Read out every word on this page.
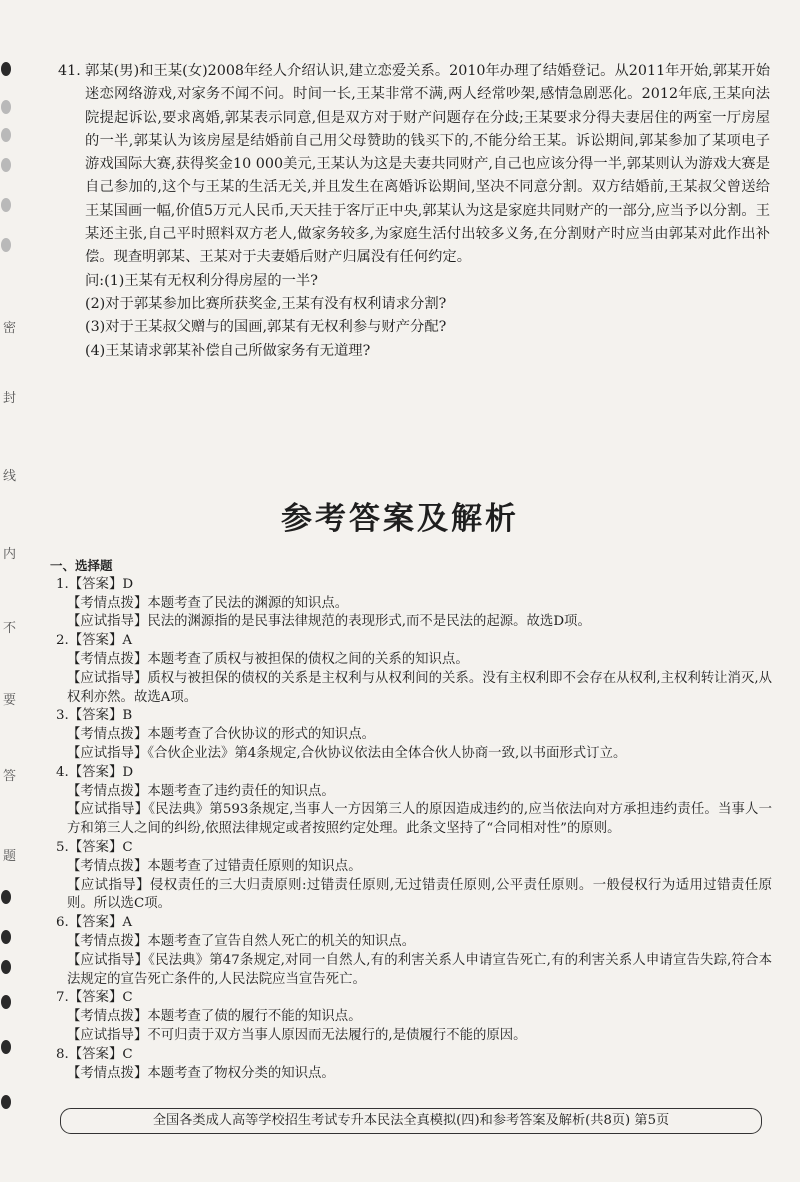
密
封
线
内
不
要
答
题
41. 郭某(男)和王某(女)2008年经人介绍认识,建立恋爱关系。2010年办理了结婚登记。从2011年开始,郭某开始迷恋网络游戏,对家务不闻不问。时间一长,王某非常不满,两人经常吵架,感情急剧恶化。2012年底,王某向法院提起诉讼,要求离婚,郭某表示同意,但是双方对于财产问题存在分歧;王某要求分得夫妻居住的两室一厅房屋的一半,郭某认为该房屋是结婚前自己用父母赞助的钱买下的,不能分给王某。诉讼期间,郭某参加了某项电子游戏国际大赛,获得奖金10 000美元,王某认为这是夫妻共同财产,自己也应该分得一半,郭某则认为游戏大赛是自己参加的,这个与王某的生活无关,并且发生在离婚诉讼期间,坚决不同意分割。双方结婚前,王某叔父曾送给王某国画一幅,价值5万元人民币,天天挂于客厅正中央,郭某认为这是家庭共同财产的一部分,应当予以分割。王某还主张,自己平时照料双方老人,做家务较多,为家庭生活付出较多义务,在分割财产时应当由郭某对此作出补偿。现查明郭某、王某对于夫妻婚后财产归属没有任何约定。
问:(1)王某有无权利分得房屋的一半?
(2)对于郭某参加比赛所获奖金,王某有没有权利请求分割?
(3)对于王某叔父赠与的国画,郭某有无权利参与财产分配?
(4)王某请求郭某补偿自己所做家务有无道理?
参考答案及解析
一、选择题
1.【答案】D
【考情点拨】本题考查了民法的渊源的知识点。
【应试指导】民法的渊源指的是民事法律规范的表现形式,而不是民法的起源。故选D项。
2.【答案】A
【考情点拨】本题考查了质权与被担保的债权之间的关系的知识点。
【应试指导】质权与被担保的债权的关系是主权利与从权利间的关系。没有主权利即不会存在从权利,主权利转让消灭,从权利亦然。故选A项。
3.【答案】B
【考情点拨】本题考查了合伙协议的形式的知识点。
【应试指导】《合伙企业法》第4条规定,合伙协议依法由全体合伙人协商一致,以书面形式订立。
4.【答案】D
【考情点拨】本题考查了违约责任的知识点。
【应试指导】《民法典》第593条规定,当事人一方因第三人的原因造成违约的,应当依法向对方承担违约责任。当事人一方和第三人之间的纠纷,依照法律规定或者按照约定处理。此条文坚持了“合同相对性”的原则。
5.【答案】C
【考情点拨】本题考查了过错责任原则的知识点。
【应试指导】侵权责任的三大归责原则:过错责任原则,无过错责任原则,公平责任原则。一般侵权行为适用过错责任原则。所以选C项。
6.【答案】A
【考情点拨】本题考查了宣告自然人死亡的机关的知识点。
【应试指导】《民法典》第47条规定,对同一自然人,有的利害关系人申请宣告死亡,有的利害关系人申请宣告失踪,符合本法规定的宣告死亡条件的,人民法院应当宣告死亡。
7.【答案】C
【考情点拨】本题考查了债的履行不能的知识点。
【应试指导】不可归责于双方当事人原因而无法履行的,是债履行不能的原因。
8.【答案】C
【考情点拨】本题考查了物权分类的知识点。
全国各类成人高等学校招生考试专升本民法全真模拟(四)和参考答案及解析(共8页) 第5页
